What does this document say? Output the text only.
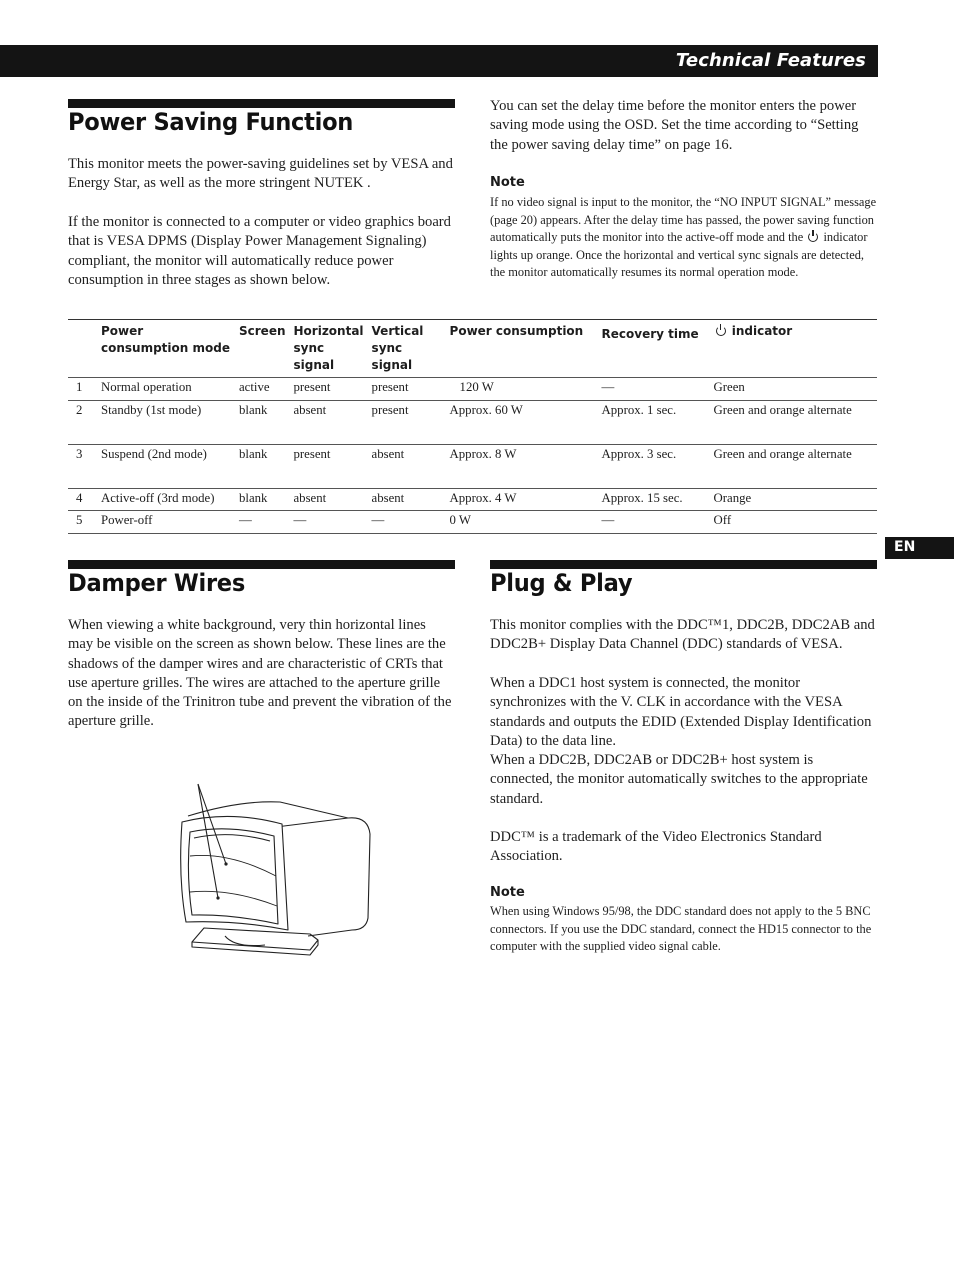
Technical Features
Power Saving Function

This monitor meets the power-saving guidelines set by VESA and Energy Star, as well as the more stringent NUTEK .

If the monitor is connected to a computer or video graphics board that is VESA DPMS (Display Power Management Signaling) compliant, the monitor will automatically reduce power consumption in three stages as shown below.

You can set the delay time before the monitor enters the power saving mode using the OSD. Set the time according to “Setting the power saving delay time” on page 16.

Note

If no video signal is input to the monitor, the “NO INPUT SIGNAL” message (page 20) appears. After the delay time has passed, the power saving function automatically puts the monitor into the active-off mode and the indicator lights up orange. Once the horizontal and vertical sync signals are detected, the monitor automatically resumes its normal operation mode.

	Power consumption mode	Screen	Horizontal sync signal	Vertical sync signal	Power consumption	Recovery time	indicator
1	Normal operation	active	present	present	120 W	—	Green
2	Standby (1st mode)	blank	absent	present	Approx. 60 W	Approx. 1 sec.	Green and orange alternate
3	Suspend (2nd mode)	blank	present	absent	Approx. 8 W	Approx. 3 sec.	Green and orange alternate
4	Active-off (3rd mode)	blank	absent	absent	Approx. 4 W	Approx. 15 sec.	Orange
5	Power-off	—	—	—	0 W	—	Off
EN
Damper Wires

When viewing a white background, very thin horizontal lines may be visible on the screen as shown below. These lines are the shadows of the damper wires and are characteristic of CRTs that use aperture grilles. The wires are attached to the aperture grille on the inside of the Trinitron tube and prevent the vibration of the aperture grille.

Plug & Play

This monitor complies with the DDC™1, DDC2B, DDC2AB and DDC2B+ Display Data Channel (DDC) standards of VESA.

When a DDC1 host system is connected, the monitor synchronizes with the V. CLK in accordance with the VESA standards and outputs the EDID (Extended Display Identification Data) to the data line.

When a DDC2B, DDC2AB or DDC2B+ host system is connected, the monitor automatically switches to the appropriate standard.

DDC™ is a trademark of the Video Electronics Standard Association.

Note

When using Windows 95/98, the DDC standard does not apply to the 5 BNC connectors. If you use the DDC standard, connect the HD15 connector to the computer with the supplied video signal cable.
